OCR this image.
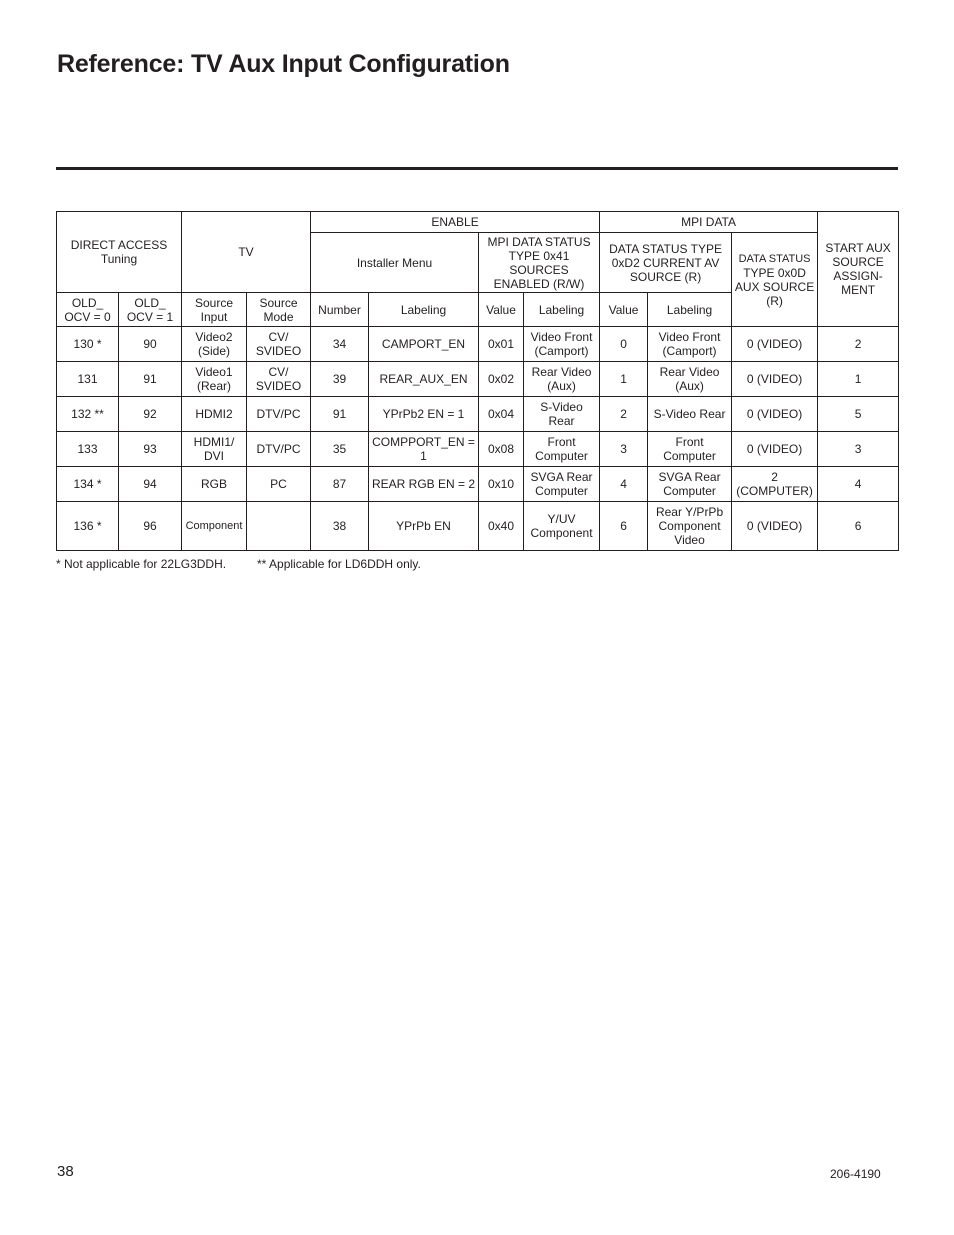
Reference: TV Aux Input Configuration
DIRECT ACCESS Tuning		TV		ENABLE				MPI DATA			START AUX SOURCE ASSIGN- MENT
				Installer Menu		MPI DATA STATUS TYPE 0x41 SOURCES ENABLED (R/W)		DATA STATUS TYPE 0xD2 CURRENT AV SOURCE (R)		DATA STATUS
TYPE 0x0D AUX SOURCE (R)	
OLD_ OCV = 0	OLD_ OCV = 1	Source Input	Source Mode	Number	Labeling	Value	Labeling	Value	Labeling		
130 *	90	Video2 (Side)	CV/ SVIDEO	34	CAMPORT_EN	0x01	Video Front (Camport)	0	Video Front (Camport)	0 (VIDEO)	2
131	91	Video1 (Rear)	CV/ SVIDEO	39	REAR_AUX_EN	0x02	Rear Video (Aux)	1	Rear Video (Aux)	0 (VIDEO)	1
132 **	92	HDMI2	DTV/PC	91	YPrPb2 EN = 1	0x04	S-Video Rear	2	S-Video Rear	0 (VIDEO)	5
133	93	HDMI1/ DVI	DTV/PC	35	COMPPORT_EN = 1	0x08	Front Computer	3	Front Computer	0 (VIDEO)	3
134 *	94	RGB	PC	87	REAR RGB EN = 2	0x10	SVGA Rear Computer	4	SVGA Rear Computer	2 (COMPUTER)	4
136 *	96	Component		38	YPrPb EN	0x40	Y/UV Component	6	Rear Y/PrPb Component Video	0 (VIDEO)	6
* Not applicable for 22LG3DDH.	** Applicable for LD6DDH only.
38	206-4190
